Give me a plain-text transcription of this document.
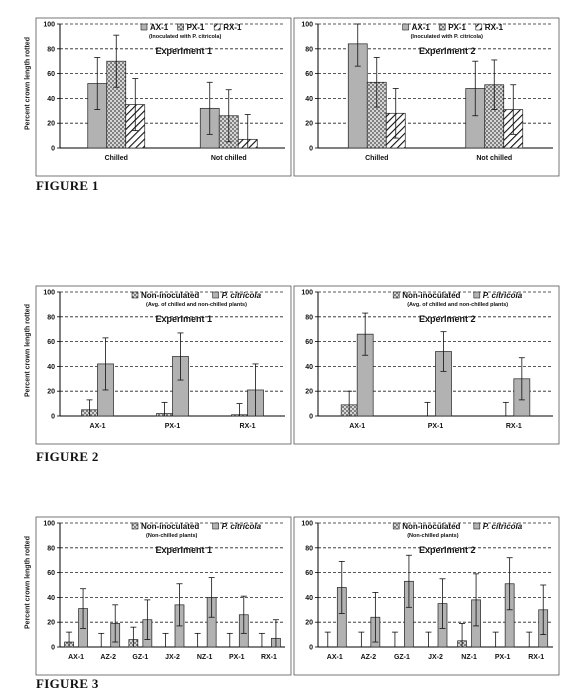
FIGURE 1
FIGURE 2
FIGURE 3
Percent crown length rotted
Percent crown length rotted
Percent crown length rotted
0
20
40
60
80
100
Chilled	Not chilled
AX-1 PX-1 RX-1
(Inoculated with P. citricola)
Experiment 1
0
20
40
60
80
100
Chilled	Not chilled
AX-1 PX-1 RX-1
(Inoculated with P. citricola)
Experiment 2
0
20
40
60
80
100
AX-1	PX-1	RX-1
Non-inoculated	P. citricola
(Avg. of chilled and non-chilled plants)
Experiment 1
0
20
40
60
80
100
AX-1	PX-1	RX-1
Non-inoculated	P. citricola
(Avg. of chilled and non-chilled plants)
Experiment 2
0
20
40
60
80
100
AX-1 AZ-2 GZ-1 JX-2 NZ-1 PX-1 RX-1
Non-inoculated	P. citricola
(Non-chilled plants)
Experiment 1
0
20
40
60
80
100
AX-1	AZ-2	GZ-1	JX-2	NZ-1	PX-1	RX-1
Non-inoculated	P. citricola
(Non-chilled plants)
Experiment 2
